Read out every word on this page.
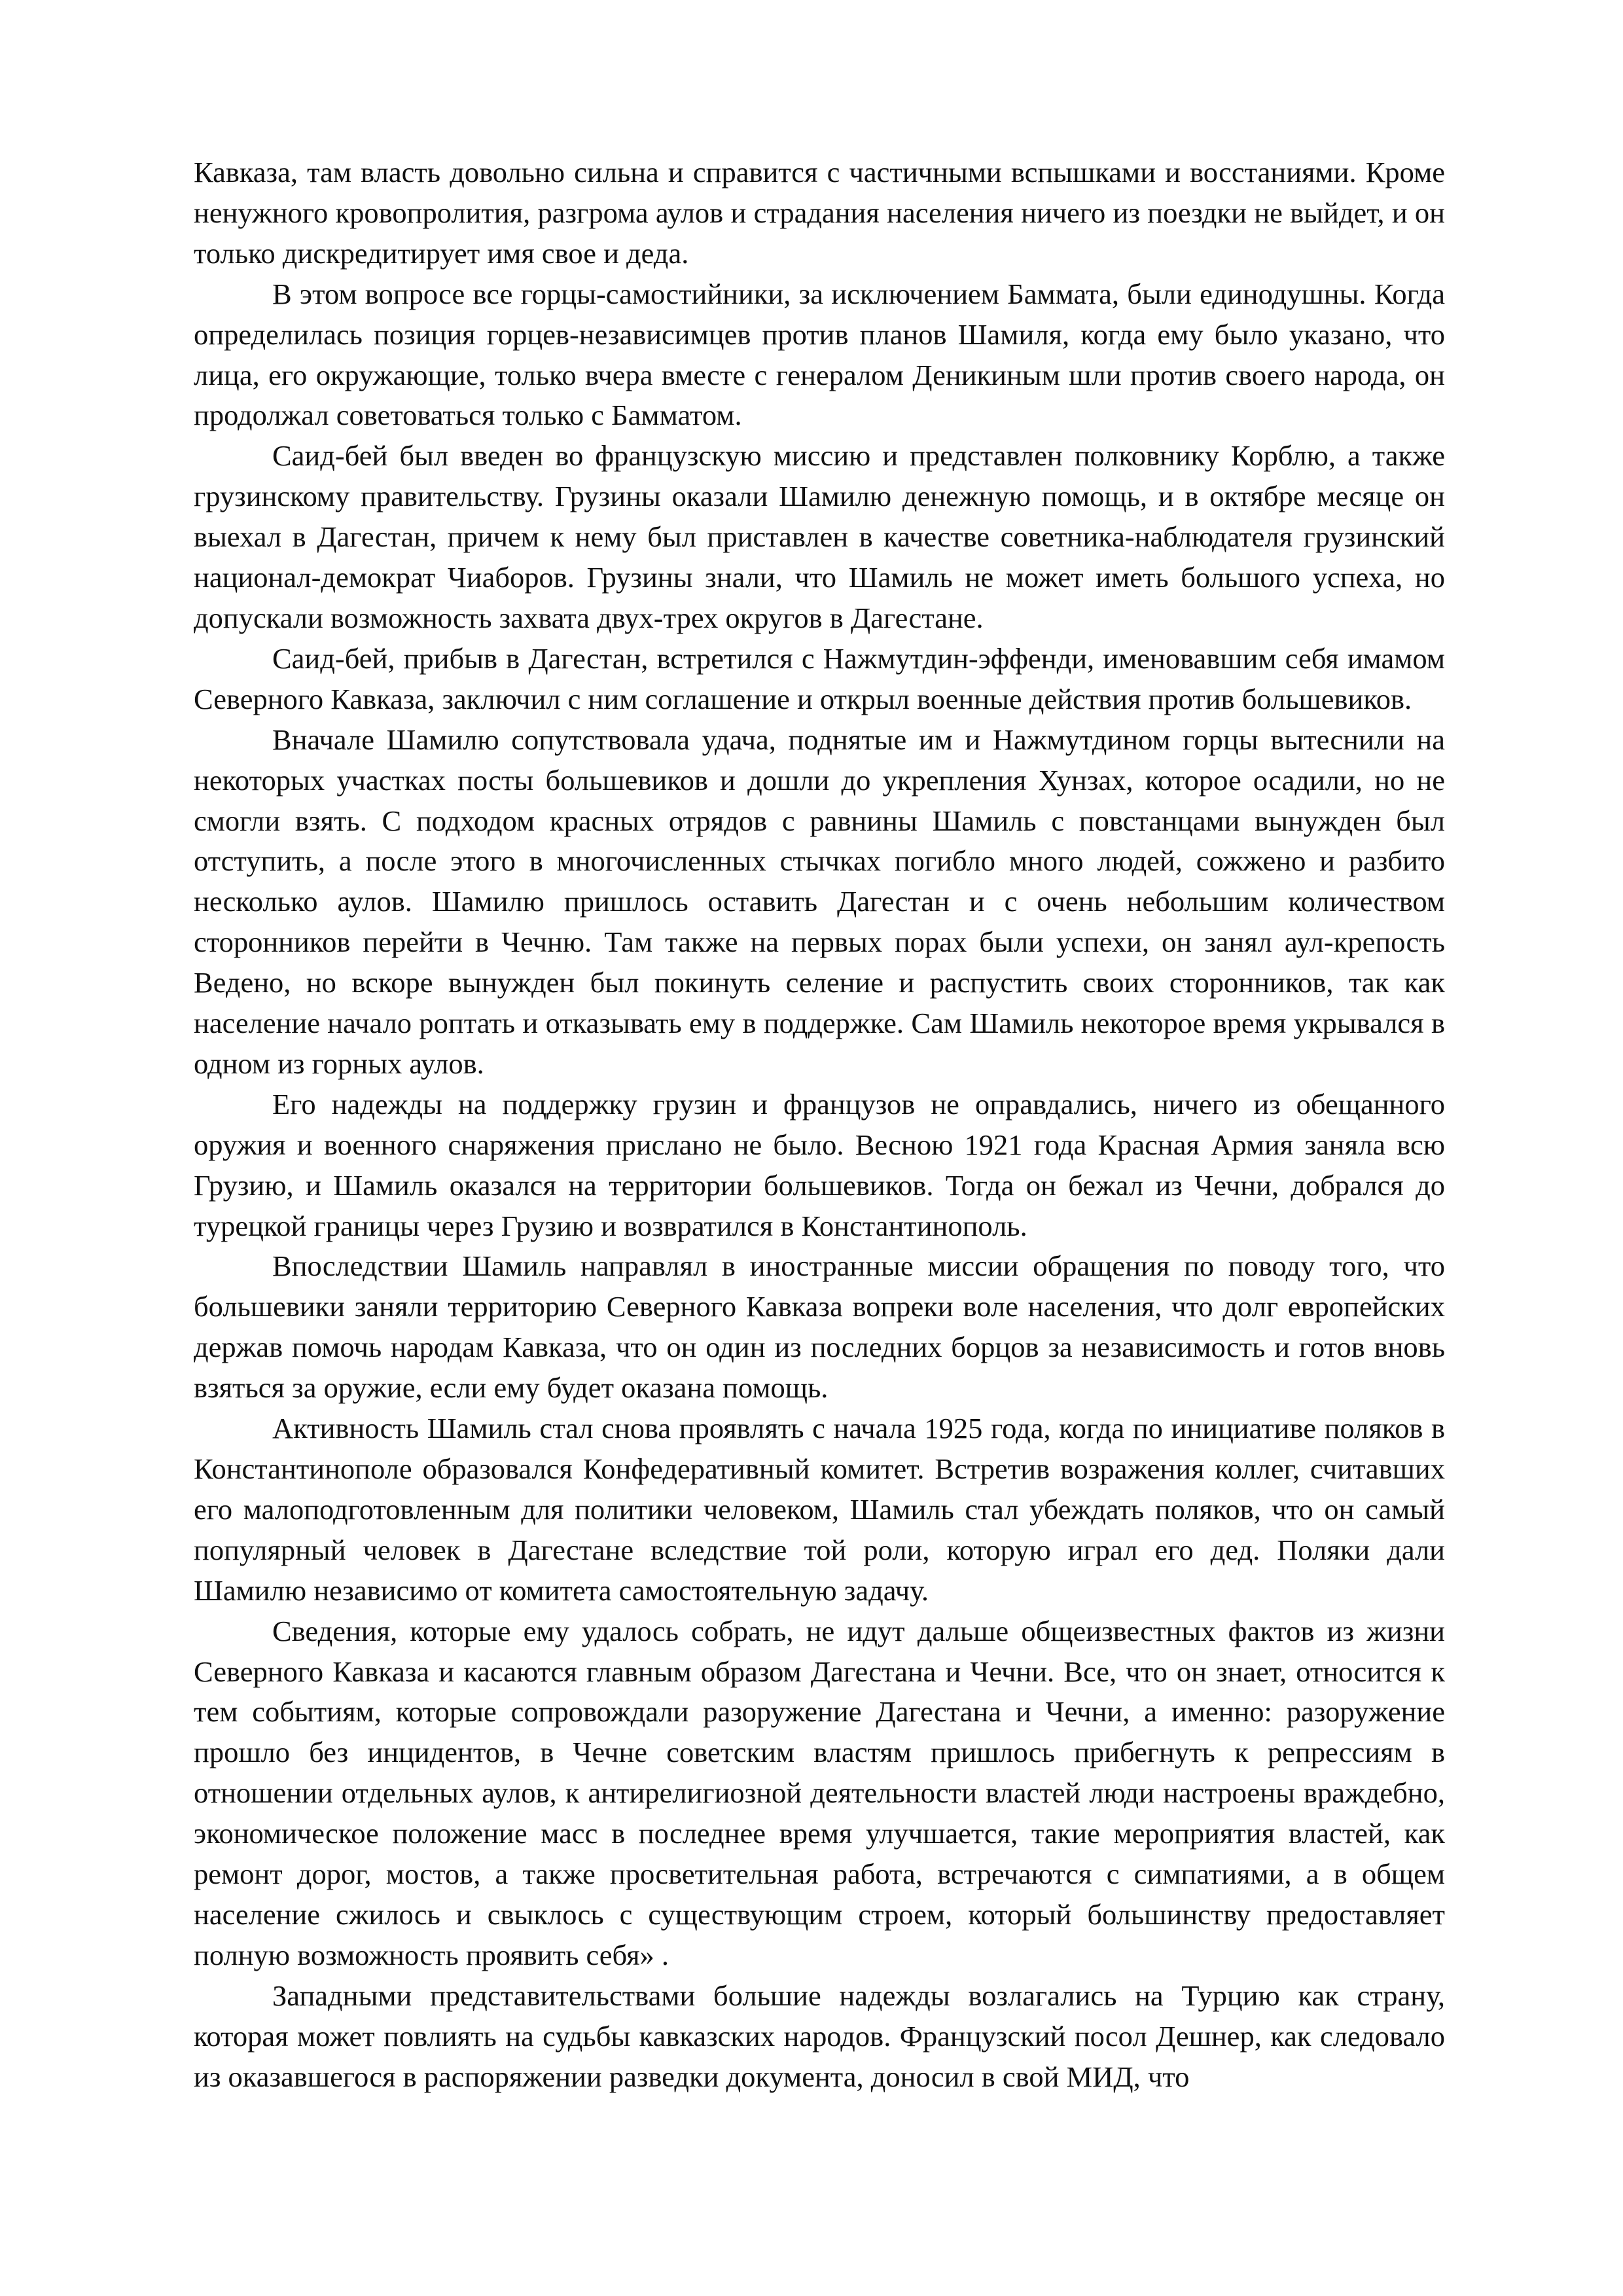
Кавказа, там власть довольно сильна и справится с частичными вспышками и восстаниями. Кроме ненужного кровопролития, разгрома аулов и страдания населения ничего из поездки не выйдет, и он только дискредитирует имя свое и деда.

В этом вопросе все горцы-самостийники, за исключением Баммата, были единодушны. Когда определилась позиция горцев-независимцев против планов Шамиля, когда ему было указано, что лица, его окружающие, только вчера вместе с генералом Деникиным шли против своего народа, он продолжал советоваться только с Бамматом.

Саид-бей был введен во французскую миссию и представлен полковнику Корблю, а также грузинскому правительству. Грузины оказали Шамилю денежную помощь, и в октябре месяце он выехал в Дагестан, причем к нему был приставлен в качестве советника-наблюдателя грузинский национал-демократ Чиаборов. Грузины знали, что Шамиль не может иметь большого успеха, но допускали возможность захвата двух-трех округов в Дагестане.

Саид-бей, прибыв в Дагестан, встретился с Нажмутдин-эффенди, именовавшим себя имамом Северного Кавказа, заключил с ним соглашение и открыл военные действия против большевиков.

Вначале Шамилю сопутствовала удача, поднятые им и Нажмутдином горцы вытеснили на некоторых участках посты большевиков и дошли до укрепления Хунзах, которое осадили, но не смогли взять. С подходом красных отрядов с равнины Шамиль с повстанцами вынужден был отступить, а после этого в многочисленных стычках погибло много людей, сожжено и разбито несколько аулов. Шамилю пришлось оставить Дагестан и с очень небольшим количеством сторонников перейти в Чечню. Там также на первых порах были успехи, он занял аул-крепость Ведено, но вскоре вынужден был покинуть селение и распустить своих сторонников, так как население начало роптать и отказывать ему в поддержке. Сам Шамиль некоторое время укрывался в одном из горных аулов.

Его надежды на поддержку грузин и французов не оправдались, ничего из обещанного оружия и военного снаряжения прислано не было. Весною 1921 года Красная Армия заняла всю Грузию, и Шамиль оказался на территории большевиков. Тогда он бежал из Чечни, добрался до турецкой границы через Грузию и возвратился в Константинополь.

Впоследствии Шамиль направлял в иностранные миссии обращения по поводу того, что большевики заняли территорию Северного Кавказа вопреки воле населения, что долг европейских держав помочь народам Кавказа, что он один из последних борцов за независимость и готов вновь взяться за оружие, если ему будет оказана помощь.

Активность Шамиль стал снова проявлять с начала 1925 года, когда по инициативе поляков в Константинополе образовался Конфедеративный комитет. Встретив возражения коллег, считавших его малоподготовленным для политики человеком, Шамиль стал убеждать поляков, что он самый популярный человек в Дагестане вследствие той роли, которую играл его дед. Поляки дали Шамилю независимо от комитета самостоятельную задачу.

Сведения, которые ему удалось собрать, не идут дальше общеизвестных фактов из жизни Северного Кавказа и касаются главным образом Дагестана и Чечни. Все, что он знает, относится к тем событиям, которые сопровождали разоружение Дагестана и Чечни, а именно: разоружение прошло без инцидентов, в Чечне советским властям пришлось прибегнуть к репрессиям в отношении отдельных аулов, к антирелигиозной деятельности властей люди настроены враждебно, экономическое положение масс в последнее время улучшается, такие мероприятия властей, как ремонт дорог, мостов, а также просветительная работа, встречаются с симпатиями, а в общем население сжилось и свыклось с существующим строем, который большинству предоставляет полную возможность проявить себя» .

Западными представительствами большие надежды возлагались на Турцию как страну, которая может повлиять на судьбы кавказских народов. Французский посол Дешнер, как следовало из оказавшегося в распоряжении разведки документа, доносил в свой МИД, что
